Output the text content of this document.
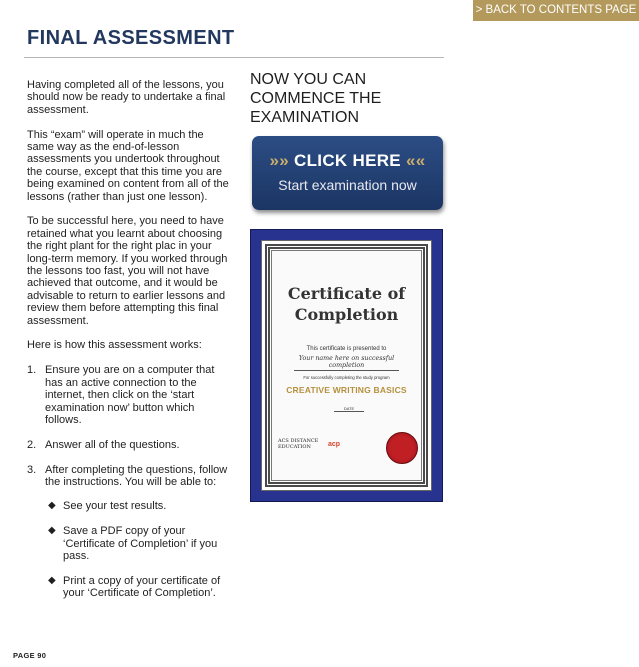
> BACK TO CONTENTS PAGE
FINAL ASSESSMENT

Having completed all of the lessons, you should now be ready to undertake a final assessment.

This “exam” will operate in much the same way as the end-of-lesson assessments you undertook throughout the course, except that this time you are being examined on content from all of the lessons (rather than just one lesson).

To be successful here, you need to have retained what you learnt about choosing the right plant for the right plac in your long-term memory. If you worked through the lessons too fast, you will not have achieved that outcome, and it would be advisable to return to earlier lessons and review them before attempting this final assessment.

Here is how this assessment works:

1. Ensure you are on a computer that has an active connection to the internet, then click on the ‘start examination now’ button which follows.
2. Answer all of the questions.
3. After completing the questions, follow the instructions. You will be able to:
◆ See your test results.
◆ Save a PDF copy of your ‘Certificate of Completion’ if you pass.
◆ Print a copy of your certificate of your ‘Certificate of Completion’.
NOW YOU CAN
COMMENCE THE
EXAMINATION
»» CLICK HERE ««
Start examination now
Certificate of
Completion
This certificate is presented to
Your name here on successful completion
For successfully completing the study program
CREATIVE WRITING BASICS
DATE
ACS DISTANCE
EDUCATION	acp
PAGE 90
